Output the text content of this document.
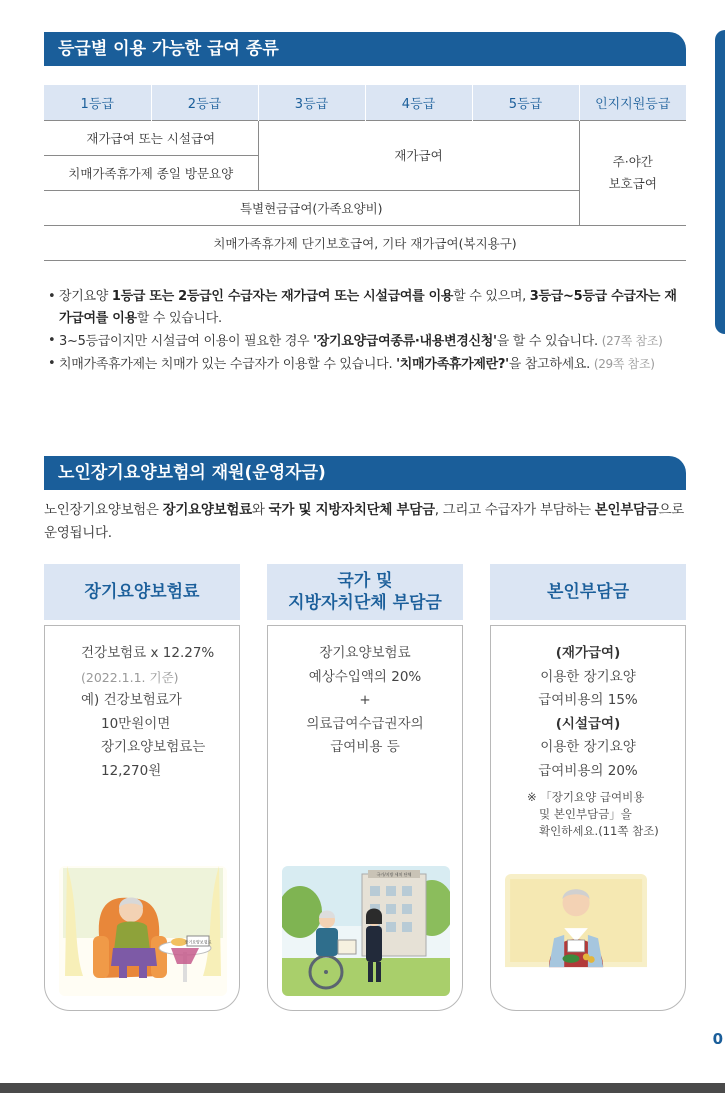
등급별 이용 가능한 급여 종류
1등급	2등급	3등급	4등급	5등급	인지지원등급
재가급여 또는 시설급여		재가급여			주·야간
보호급여
치매가족휴가제 종일 방문요양					
특별현금급여(가족요양비)					
치매가족휴가제 단기보호급여, 기타 재가급여(복지용구)					
• 장기요양 1등급 또는 2등급인 수급자는 재가급여 또는 시설급여를 이용할 수 있으며, 3등급~5등급 수급자는 재가급여를 이용할 수 있습니다.
• 3~5등급이지만 시설급여 이용이 필요한 경우 '장기요양급여종류·내용변경신청'을 할 수 있습니다. (27쪽 참조)
• 치매가족휴가제는 치매가 있는 수급자가 이용할 수 있습니다. '치매가족휴가제란?'을 참고하세요. (29쪽 참조)
노인장기요양보험의 재원(운영자금)
노인장기요양보험은 장기요양보험료와 국가 및 지방자치단체 부담금, 그리고 수급자가 부담하는 본인부담금으로 운영됩니다.
장기요양보험료
건강보험료 x 12.27%
(2022.1.1. 기준)
예) 건강보험료가
10만원이면
장기요양보험료는
12,270원
장기요양보험료
국가 및
지방자치단체 부담금
장기요양보험료
예상수입액의 20%
+
의료급여수급권자의
급여비용 등
국가/지방 세치 단체
본인부담금
(재가급여)
이용한 장기요양
급여비용의 15%
(시설급여)
이용한 장기요양
급여비용의 20%
※ 「장기요양 급여비용
및 본인부담금」을
확인하세요.(11쪽 참조)
0
